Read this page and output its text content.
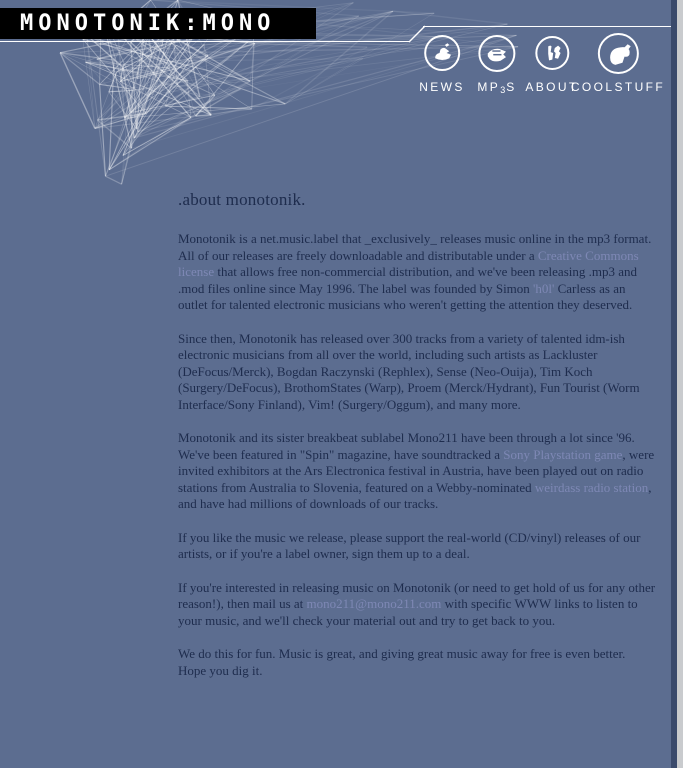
MONOTONIK:MONO
NEWS MP3S ABOUT
COOLSTUFF
.about monotonik.
Monotonik is a net.music.label that _exclusively_ releases music online in the mp3 format. All of our releases are freely downloadable and distributable under a Creative Commons license that allows free non-commercial distribution, and we've been releasing .mp3 and .mod files online since May 1996. The label was founded by Simon 'h0l' Carless as an outlet for talented electronic musicians who weren't getting the attention they deserved.
Since then, Monotonik has released over 300 tracks from a variety of talented idm-ish electronic musicians from all over the world, including such artists as Lackluster (DeFocus/Merck), Bogdan Raczynski (Rephlex), Sense (Neo-Ouija), Tim Koch (Surgery/DeFocus), BrothomStates (Warp), Proem (Merck/Hydrant), Fun Tourist (Worm Interface/Sony Finland), Vim! (Surgery/Oggum), and many more.
Monotonik and its sister breakbeat sublabel Mono211 have been through a lot since '96. We've been featured in "Spin" magazine, have soundtracked a Sony Playstation game, were invited exhibitors at the Ars Electronica festival in Austria, have been played out on radio stations from Australia to Slovenia, featured on a Webby-nominated weirdass radio station, and have had millions of downloads of our tracks.
If you like the music we release, please support the real-world (CD/vinyl) releases of our artists, or if you're a label owner, sign them up to a deal.
If you're interested in releasing music on Monotonik (or need to get hold of us for any other reason!), then mail us at mono211@mono211.com with specific WWW links to listen to your music, and we'll check your material out and try to get back to you.
We do this for fun. Music is great, and giving great music away for free is even better. Hope you dig it.
